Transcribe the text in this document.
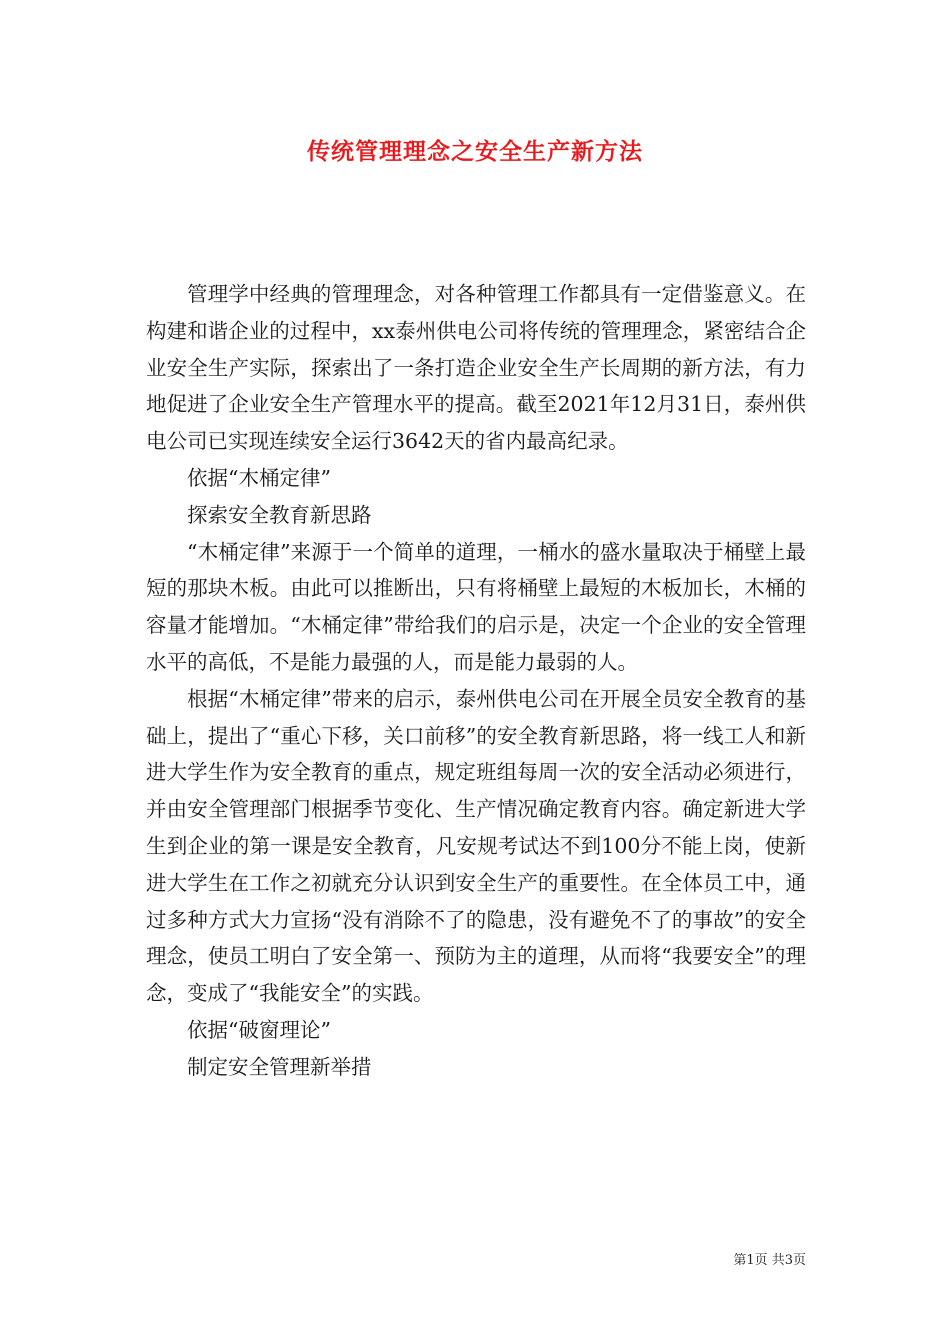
传统管理理念之安全生产新方法

管理学中经典的管理理念，对各种管理工作都具有一定借鉴意义。在构建和谐企业的过程中，xx泰州供电公司将传统的管理理念，紧密结合企业安全生产实际，探索出了一条打造企业安全生产长周期的新方法，有力地促进了企业安全生产管理水平的提高。截至2021年12月31日，泰州供电公司已实现连续安全运行3642天的省内最高纪录。

依据“木桶定律”

探索安全教育新思路

“木桶定律”来源于一个简单的道理，一桶水的盛水量取决于桶壁上最短的那块木板。由此可以推断出，只有将桶壁上最短的木板加长，木桶的容量才能增加。“木桶定律”带给我们的启示是，决定一个企业的安全管理水平的高低，不是能力最强的人，而是能力最弱的人。

根据“木桶定律”带来的启示，泰州供电公司在开展全员安全教育的基础上，提出了“重心下移，关口前移”的安全教育新思路，将一线工人和新进大学生作为安全教育的重点，规定班组每周一次的安全活动必须进行，并由安全管理部门根据季节变化、生产情况确定教育内容。确定新进大学生到企业的第一课是安全教育，凡安规考试达不到100分不能上岗，使新进大学生在工作之初就充分认识到安全生产的重要性。在全体员工中，通过多种方式大力宣扬“没有消除不了的隐患，没有避免不了的事故”的安全理念，使员工明白了安全第一、预防为主的道理，从而将“我要安全”的理念，变成了“我能安全”的实践。

依据“破窗理论”

制定安全管理新举措

第1页 共3页
